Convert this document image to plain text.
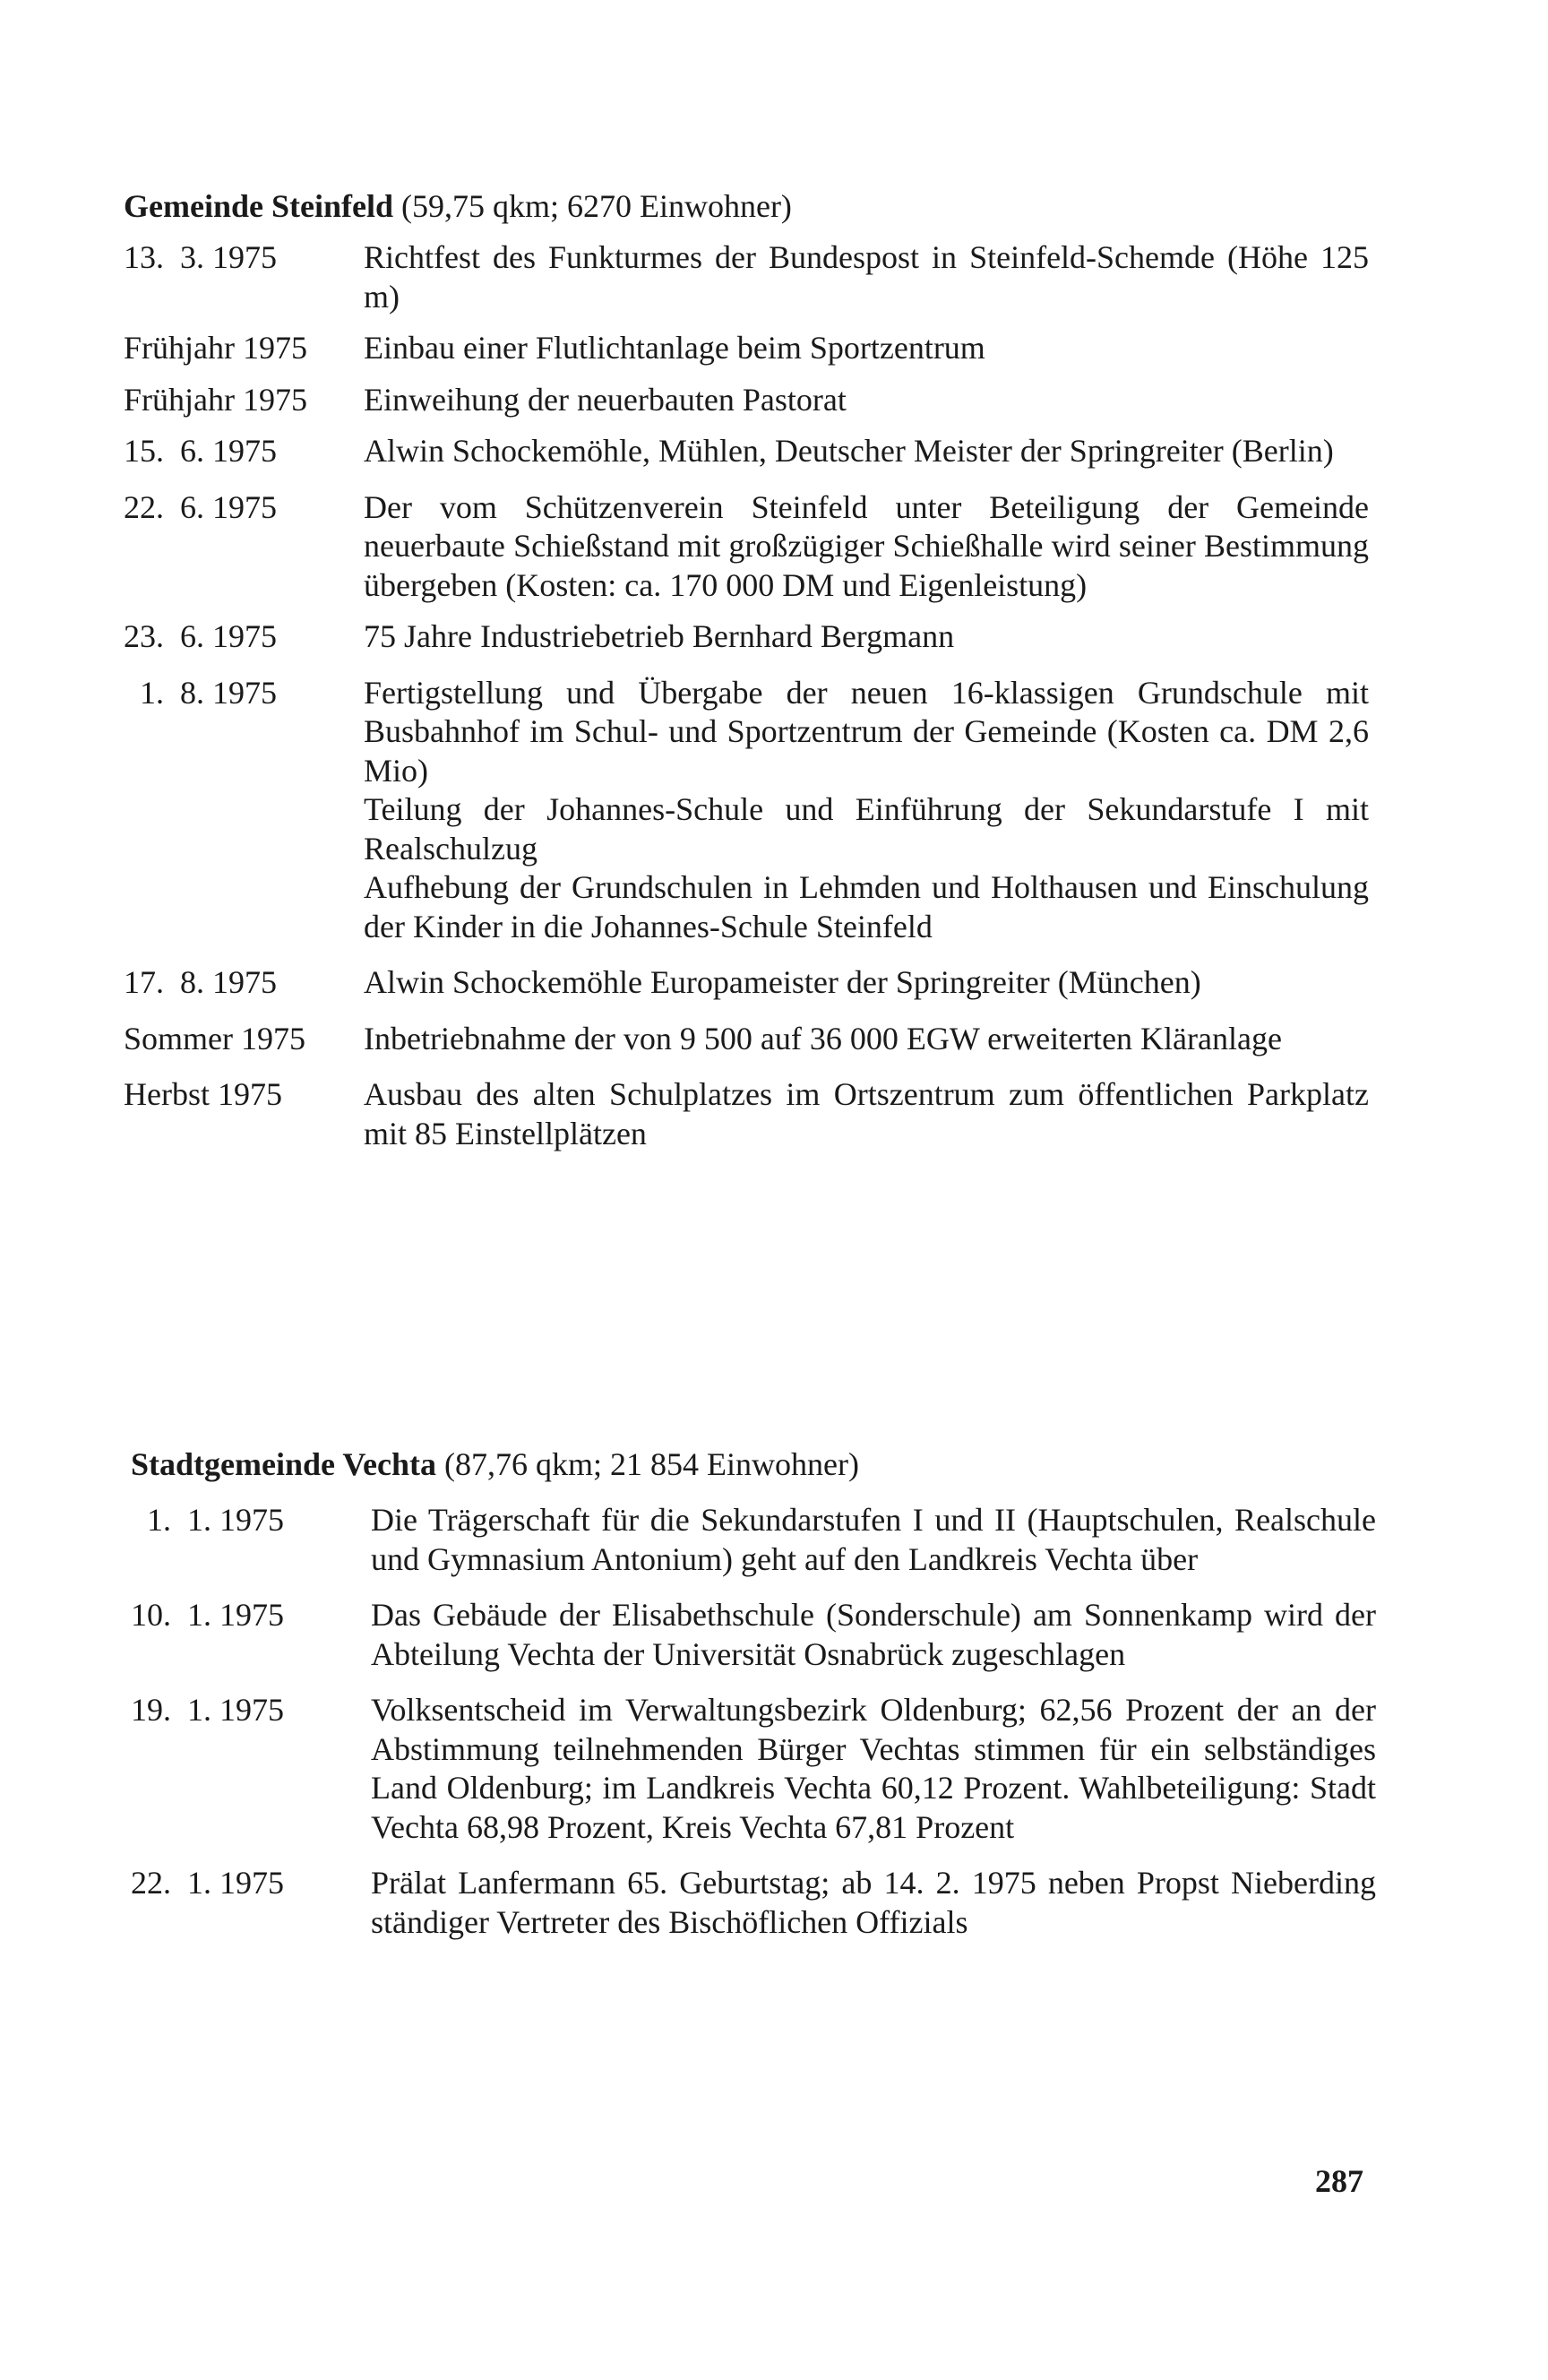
Gemeinde Steinfeld (59,75 qkm; 6270 Einwohner)
13.  3. 1975	Richtfest des Funkturmes der Bundespost in Steinfeld-Schemde (Höhe 125 m)
Frühjahr 1975	Einbau einer Flutlichtanlage beim Sportzentrum
Frühjahr 1975	Einweihung der neuerbauten Pastorat
15.  6. 1975	Alwin Schockemöhle, Mühlen, Deutscher Meister der Springreiter (Berlin)
22.  6. 1975	Der vom Schützenverein Steinfeld unter Beteiligung der Gemeinde neuerbaute Schießstand mit großzügiger Schießhalle wird seiner Bestimmung übergeben (Kosten: ca. 170 000 DM und Eigenleistung)
23.  6. 1975	75 Jahre Industriebetrieb Bernhard Bergmann
1.  8. 1975	Fertigstellung und Übergabe der neuen 16-klassigen Grundschule mit Busbahnhof im Schul- und Sportzentrum der Gemeinde (Kosten ca. DM 2,6 Mio)
Teilung der Johannes-Schule und Einführung der Sekundarstufe I mit Realschulzug
Aufhebung der Grundschulen in Lehmden und Holthausen und Einschulung der Kinder in die Johannes-Schule Steinfeld
17.  8. 1975	Alwin Schockemöhle Europameister der Springreiter (München)
Sommer 1975	Inbetriebnahme der von 9 500 auf 36 000 EGW erweiterten Kläranlage
Herbst 1975	Ausbau des alten Schulplatzes im Ortszentrum zum öffentlichen Parkplatz mit 85 Einstellplätzen
Stadtgemeinde Vechta (87,76 qkm; 21 854 Einwohner)
1.  1. 1975	Die Trägerschaft für die Sekundarstufen I und II (Hauptschulen, Realschule und Gymnasium Antonium) geht auf den Landkreis Vechta über
10.  1. 1975	Das Gebäude der Elisabethschule (Sonderschule) am Sonnenkamp wird der Abteilung Vechta der Universität Osnabrück zugeschlagen
19.  1. 1975	Volksentscheid im Verwaltungsbezirk Oldenburg; 62,56 Prozent der an der Abstimmung teilnehmenden Bürger Vechtas stimmen für ein selbständiges Land Oldenburg; im Landkreis Vechta 60,12 Prozent. Wahlbeteiligung: Stadt Vechta 68,98 Prozent, Kreis Vechta 67,81 Prozent
22.  1. 1975	Prälat Lanfermann 65. Geburtstag; ab 14. 2. 1975 neben Propst Nieberding ständiger Vertreter des Bischöflichen Offizials
287
